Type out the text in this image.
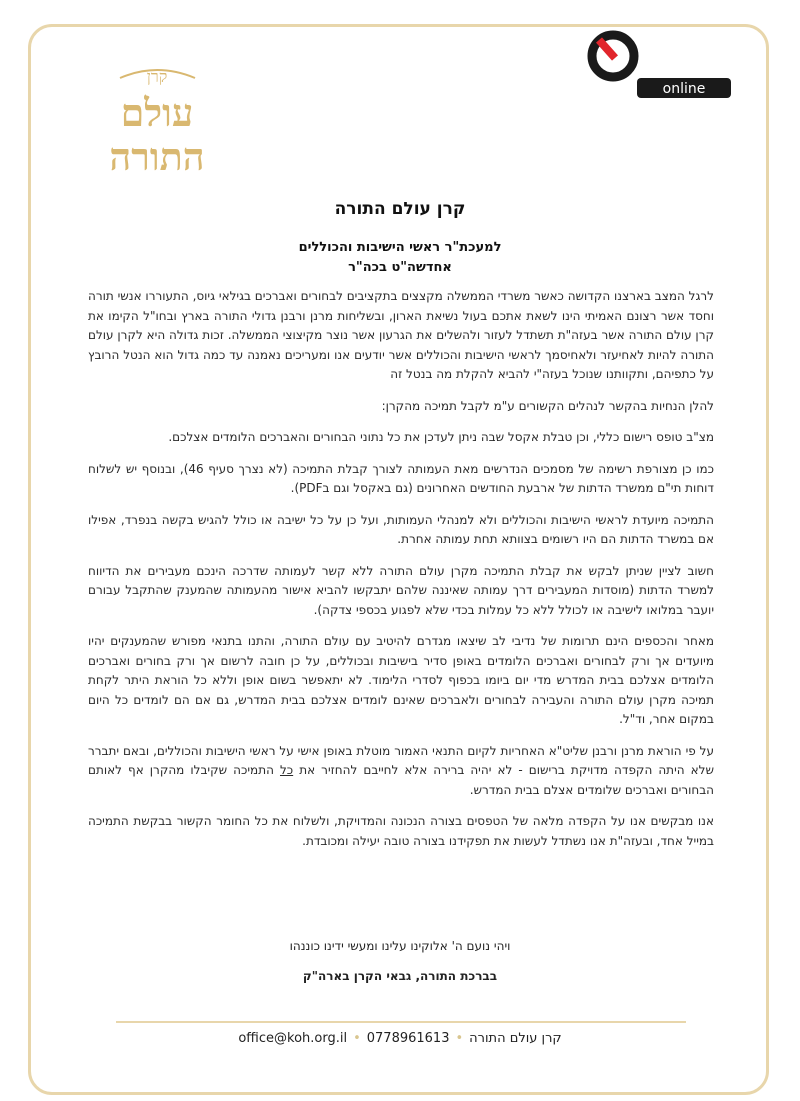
online
קרן
עולם
התורה
קרן עולם התורה
למעכת"ר ראשי הישיבות והכוללים
אחדשה"ט בכה"ר

לרגל המצב בארצנו הקדושה כאשר משרדי הממשלה מקצצים בתקציבים לבחורים ואברכים בגילאי גיוס, התעוררו אנשי תורה וחסד אשר רצונם האמיתי הינו לשאת אתכם בעול נשיאת הארון, ובשליחות מרנן ורבנן גדולי התורה בארץ ובחו"ל הקימו את קרן עולם התורה אשר בעזה"ת תשתדל לעזור ולהשלים את הגרעון אשר נוצר מקיצוצי הממשלה. זכות גדולה היא לקרן עולם התורה להיות לאחיעזר ולאחיסמך לראשי הישיבות והכוללים אשר יודעים אנו ומעריכים נאמנה עד כמה גדול הוא הנטל הרובץ על כתפיהם, ותקוותנו שנוכל בעזה"י להביא להקלת מה בנטל זה

להלן הנחיות בהקשר לנהלים הקשורים ע"מ לקבל תמיכה מהקרן:

מצ"ב טופס רישום כללי, וכן טבלת אקסל שבה ניתן לעדכן את כל נתוני הבחורים והאברכים הלומדים אצלכם.

כמו כן מצורפת רשימה של מסמכים הנדרשים מאת העמותה לצורך קבלת התמיכה (לא נצרך סעיף 46), ובנוסף יש לשלוח דוחות תי"ם ממשרד הדתות של ארבעת החודשים האחרונים (גם באקסל וגם בPDF).

התמיכה מיועדת לראשי הישיבות והכוללים ולא למנהלי העמותות, ועל כן על כל ישיבה או כולל להגיש בקשה בנפרד, אפילו אם במשרד הדתות הם היו רשומים בצוותא תחת עמותה אחרת.

חשוב לציין שניתן לבקש את קבלת התמיכה מקרן עולם התורה ללא קשר לעמותה שדרכה הינכם מעבירים את הדיווח למשרד הדתות (מוסדות המעבירים דרך עמותה שאיננה שלהם יתבקשו להביא אישור מהעמותה שהמענק שהתקבל עבורם יועבר במלואו לישיבה או לכולל ללא כל עמלות בכדי שלא לפגוע בכספי צדקה).

מאחר והכספים הינם תרומות של נדיבי לב שיצאו מגדרם להיטיב עם עולם התורה, והתנו בתנאי מפורש שהמענקים יהיו מיועדים אך ורק לבחורים ואברכים הלומדים באופן סדיר בישיבות ובכוללים, על כן חובה לרשום אך ורק בחורים ואברכים הלומדים אצלכם בבית המדרש מדי יום ביומו בכפוף לסדרי הלימוד. לא יתאפשר בשום אופן וללא כל הוראת היתר לקחת תמיכה מקרן עולם התורה והעבירה לבחורים ולאברכים שאינם לומדים אצלכם בבית המדרש, גם אם הם לומדים כל היום במקום אחר, וד"ל.

על פי הוראת מרנן ורבנן שליט"א האחריות לקיום התנאי האמור מוטלת באופן אישי על ראשי הישיבות והכוללים, ובאם יתברר שלא היתה הקפדה מדויקת ברישום - לא יהיה ברירה אלא לחייבם להחזיר את כל התמיכה שקיבלו מהקרן אף לאותם הבחורים ואברכים שלומדים אצלם בבית המדרש.

אנו מבקשים אנו על הקפדה מלאה של הטפסים בצורה הנכונה והמדויקת, ולשלוח את כל החומר הקשור בבקשת התמיכה במייל אחד, ובעזה"ת אנו נשתדל לעשות את תפקידנו בצורה טובה יעילה ומכובדת.

ויהי נועם ה' אלוקינו עלינו ומעשי ידינו כוננהו
בברכת התורה, גבאי הקרן בארה"ק
office@koh.org.il • 0778961613 • קרן עולם התורה
